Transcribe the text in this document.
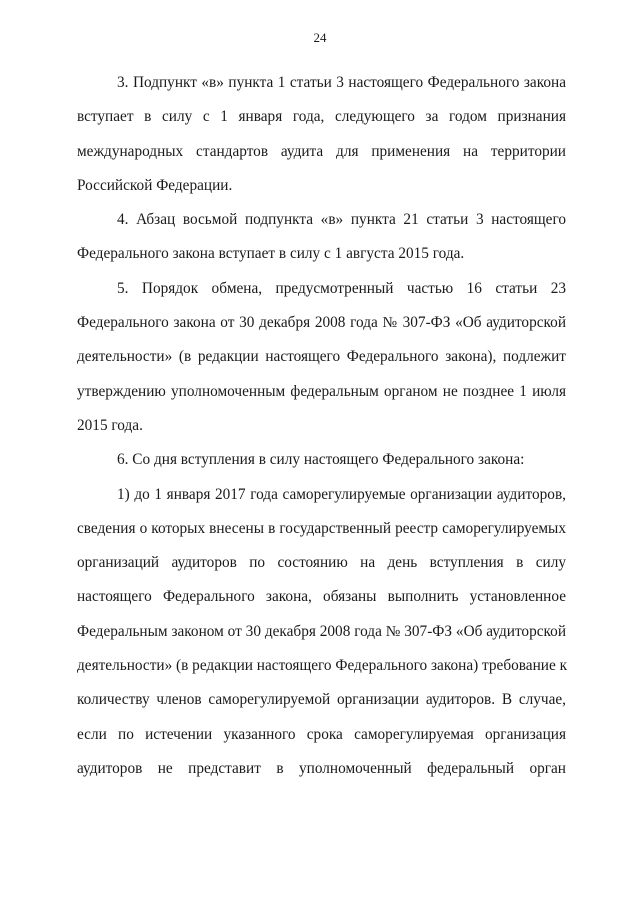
24
3. Подпункт «в» пункта 1 статьи 3 настоящего Федерального закона
вступает в силу с 1 января года, следующего за годом признания
международных стандартов аудита для применения на территории
Российской Федерации.
4. Абзац восьмой подпункта «в» пункта 21 статьи 3 настоящего
Федерального закона вступает в силу с 1 августа 2015 года.
5. Порядок обмена, предусмотренный частью 16 статьи 23
Федерального закона от 30 декабря 2008 года № 307-ФЗ «Об аудиторской
деятельности» (в редакции настоящего Федерального закона), подлежит
утверждению уполномоченным федеральным органом не позднее 1 июля
2015 года.
6. Со дня вступления в силу настоящего Федерального закона:
1) до 1 января 2017 года саморегулируемые организации аудиторов,
сведения о которых внесены в государственный реестр саморегулируемых
организаций аудиторов по состоянию на день вступления в силу
настоящего Федерального закона, обязаны выполнить установленное
Федеральным законом от 30 декабря 2008 года № 307-ФЗ «Об аудиторской
деятельности» (в редакции настоящего Федерального закона) требование к
количеству членов саморегулируемой организации аудиторов. В случае,
если по истечении указанного срока саморегулируемая организация
аудиторов не представит в уполномоченный федеральный орган
